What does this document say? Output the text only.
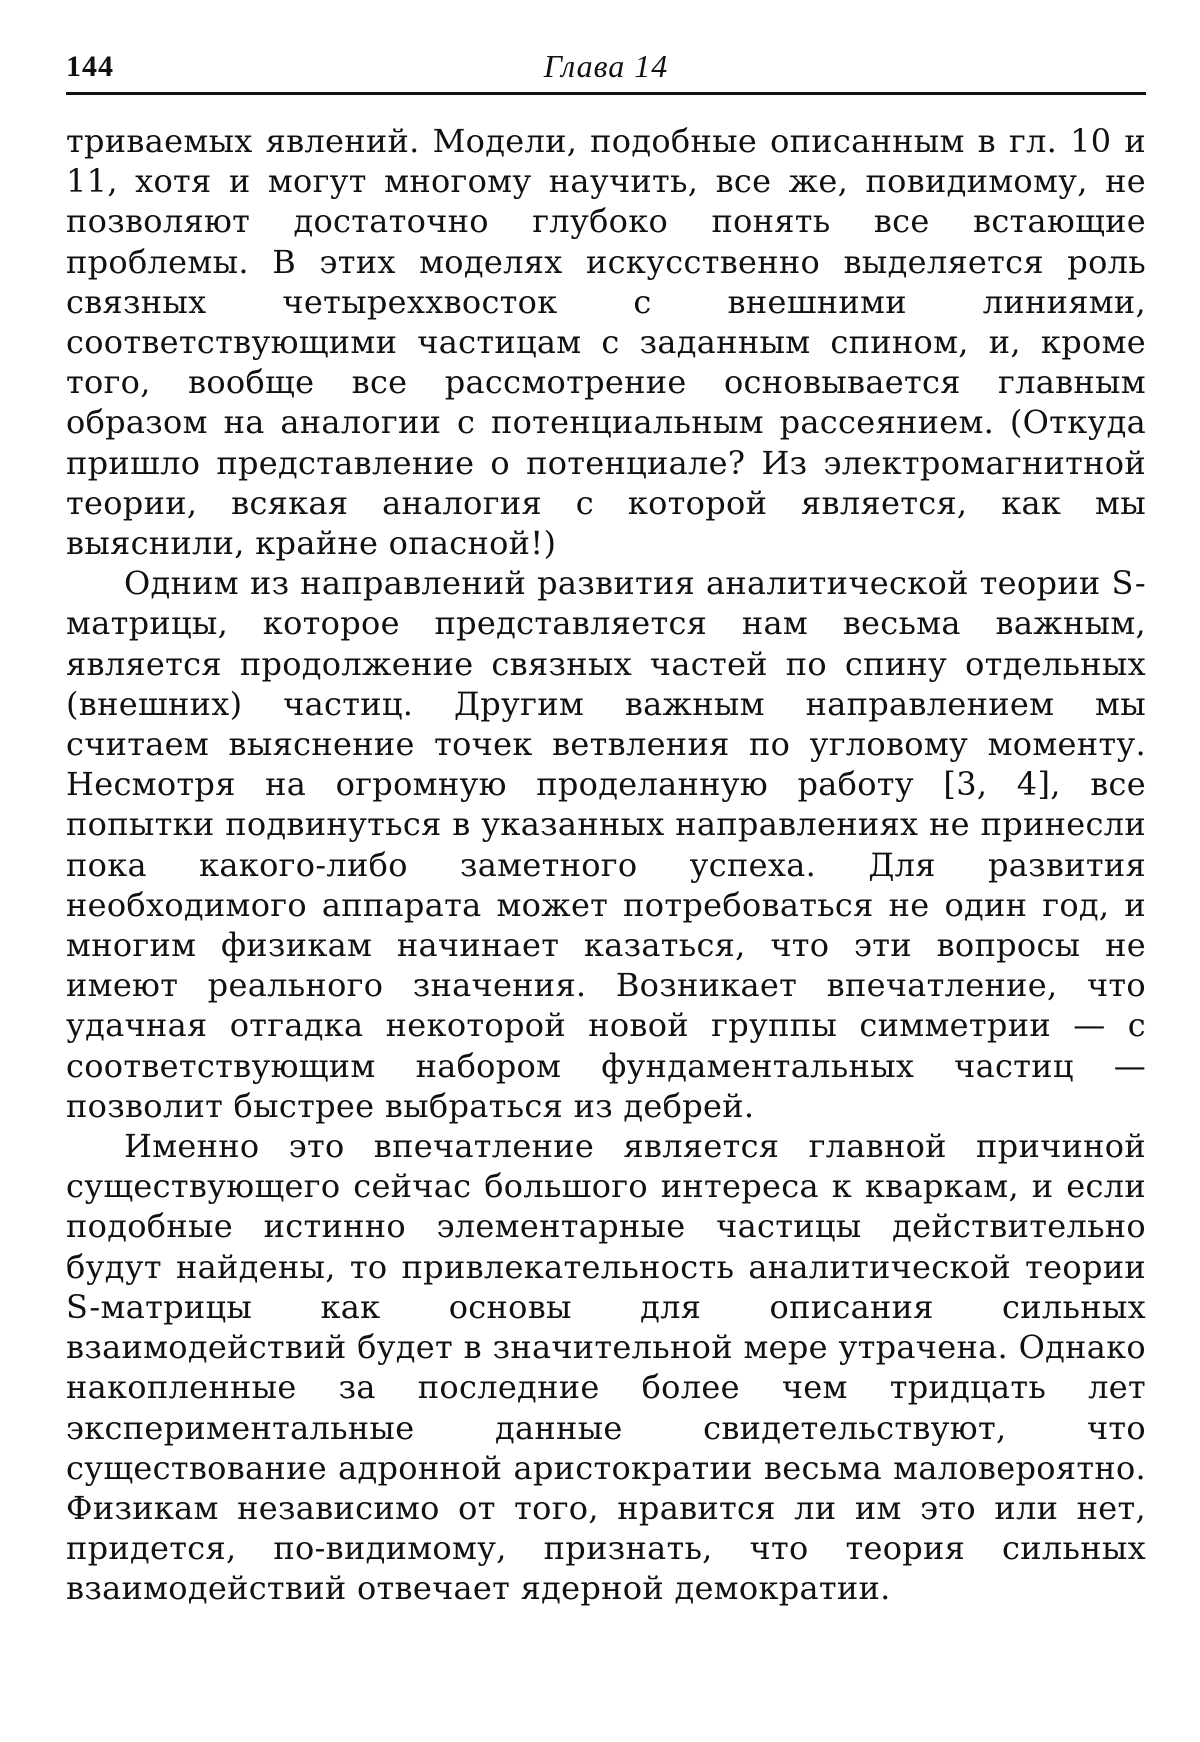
144	Глава 14

триваемых явлений. Модели, подобные описанным в гл. 10 и 11, хотя и могут многому научить, все же, повидимому, не позволяют достаточно глубоко понять все встающие проблемы. В этих моделях искусственно выделяется роль связных четыреххвосток с внешними линиями, соответствующими частицам с заданным спином, и, кроме того, вообще все рассмотрение основывается главным образом на аналогии с потенциальным рассеянием. (Откуда пришло представление о потенциале? Из электромагнитной теории, всякая аналогия с которой является, как мы выяснили, крайне опасной!)

Одним из направлений развития аналитической теории S-матрицы, которое представляется нам весьма важным, является продолжение связных частей по спину отдельных (внешних) частиц. Другим важным направлением мы считаем выяснение точек ветвления по угловому моменту. Несмотря на огромную проделанную работу [3, 4], все попытки подвинуться в указанных направлениях не принесли пока какого-либо заметного успеха. Для развития необходимого аппарата может потребоваться не один год, и многим физикам начинает казаться, что эти вопросы не имеют реального значения. Возникает впечатление, что удачная отгадка некоторой новой группы симметрии — с соответствующим набором фундаментальных частиц — позволит быстрее выбраться из дебрей.

Именно это впечатление является главной причиной существующего сейчас большого интереса к кваркам, и если подобные истинно элементарные частицы действительно будут найдены, то привлекательность аналитической теории S-матрицы как основы для описания сильных взаимодействий будет в значительной мере утрачена. Однако накопленные за последние более чем тридцать лет экспериментальные данные свидетельствуют, что существование адронной аристократии весьма маловероятно. Физикам независимо от того, нравится ли им это или нет, придется, по-видимому, признать, что теория сильных взаимодействий отвечает ядерной демократии.
